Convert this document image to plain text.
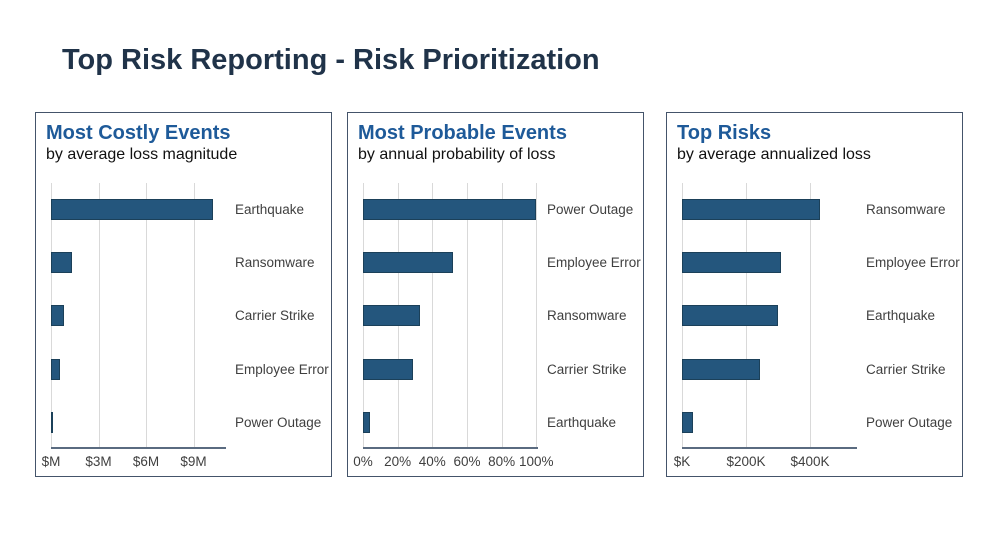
Top Risk Reporting - Risk Prioritization
Most Costly Events
by average loss magnitude
Earthquake
Ransomware
Carrier Strike
Employee Error
Power Outage
$M $3M $6M $9M
Most Probable Events
by annual probability of loss
Power Outage
Employee Error
Ransomware
Carrier Strike
Earthquake
0% 20% 40% 60% 80% 100%
Top Risks
by average annualized loss
Ransomware
Employee Error
Earthquake
Carrier Strike
Power Outage
$K	$200K $400K
